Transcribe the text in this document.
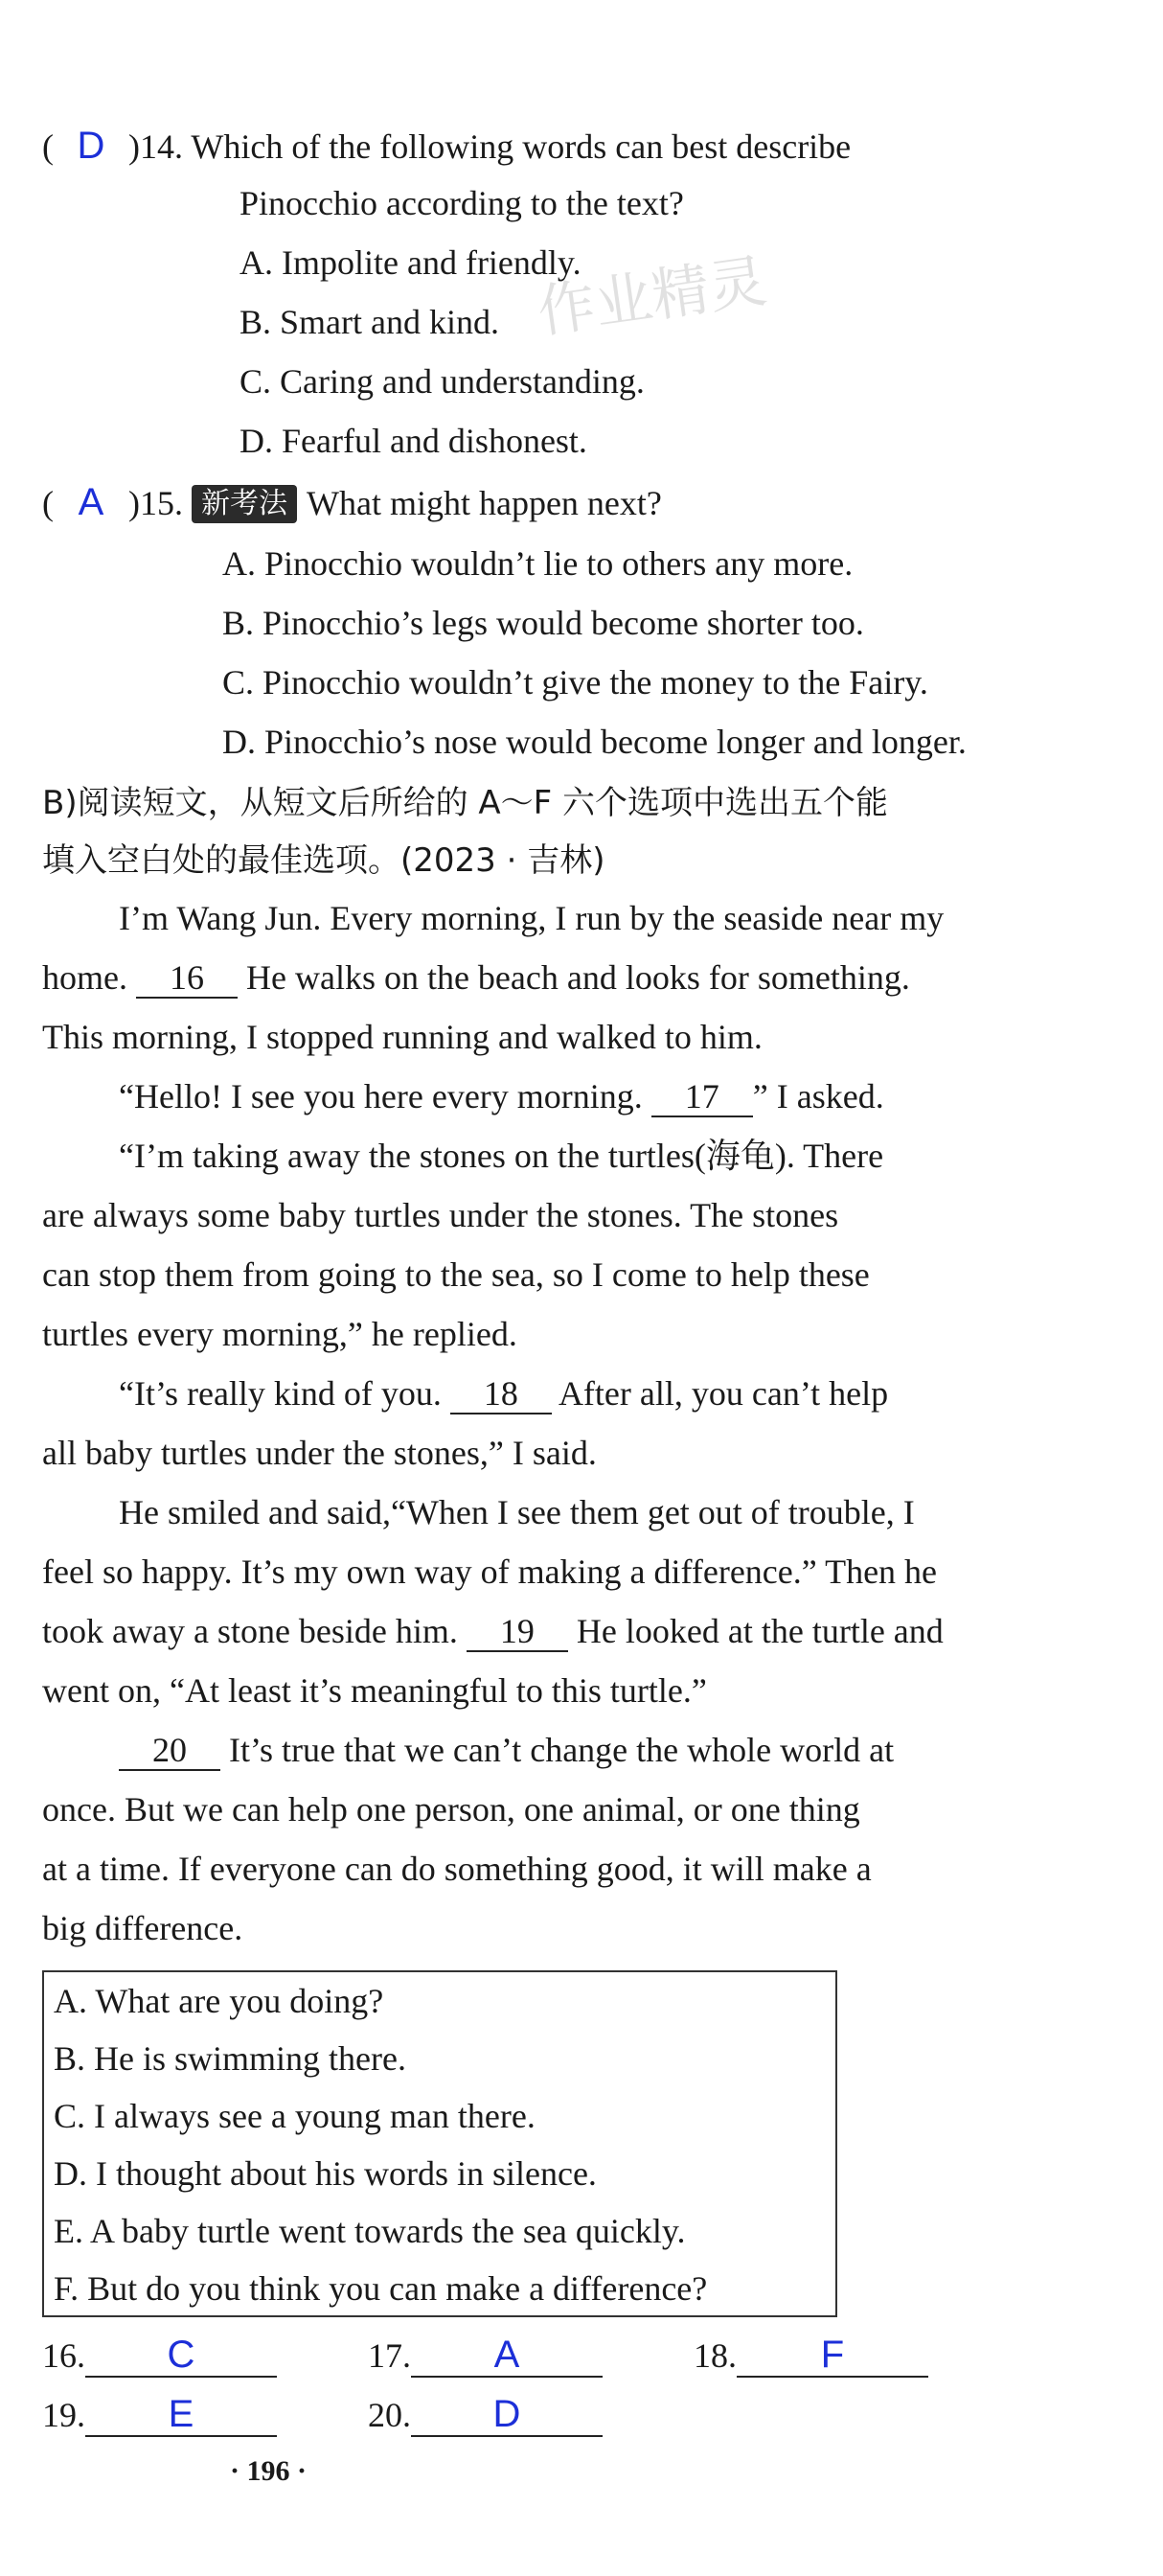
( D )14. Which of the following words can best describe
Pinocchio according to the text?
A. Impolite and friendly.
B. Smart and kind.
C. Caring and understanding.
D. Fearful and dishonest.
作业精灵
( A )15. 新考法 What might happen next?
A. Pinocchio wouldn’t lie to others any more.
B. Pinocchio’s legs would become shorter too.
C. Pinocchio wouldn’t give the money to the Fairy.
D. Pinocchio’s nose would become longer and longer.
B)阅读短文，从短文后所给的 A～F 六个选项中选出五个能
填入空白处的最佳选项。(2023 · 吉林)
I’m Wang Jun. Every morning, I run by the seaside near my
home. 16 He walks on the beach and looks for something.
This morning, I stopped running and walked to him.
“Hello! I see you here every morning. 17 ” I asked.
“I’m taking away the stones on the turtles(海龟). There
are always some baby turtles under the stones. The stones
can stop them from going to the sea, so I come to help these
turtles every morning,” he replied.
“It’s really kind of you. 18 After all, you can’t help
all baby turtles under the stones,” I said.
He smiled and said,“When I see them get out of trouble, I
feel so happy. It’s my own way of making a difference.” Then he
took away a stone beside him. 19 He looked at the turtle and
went on, “At least it’s meaningful to this turtle.”
20 It’s true that we can’t change the whole world at
once. But we can help one person, one animal, or one thing
at a time. If everyone can do something good, it will make a
big difference.
A. What are you doing?
B. He is swimming there.
C. I always see a young man there.
D. I thought about his words in silence.
E. A baby turtle went towards the sea quickly.
F. But do you think you can make a difference?
16. C	17. A	18. F
19. E	20. D
· 196 ·
